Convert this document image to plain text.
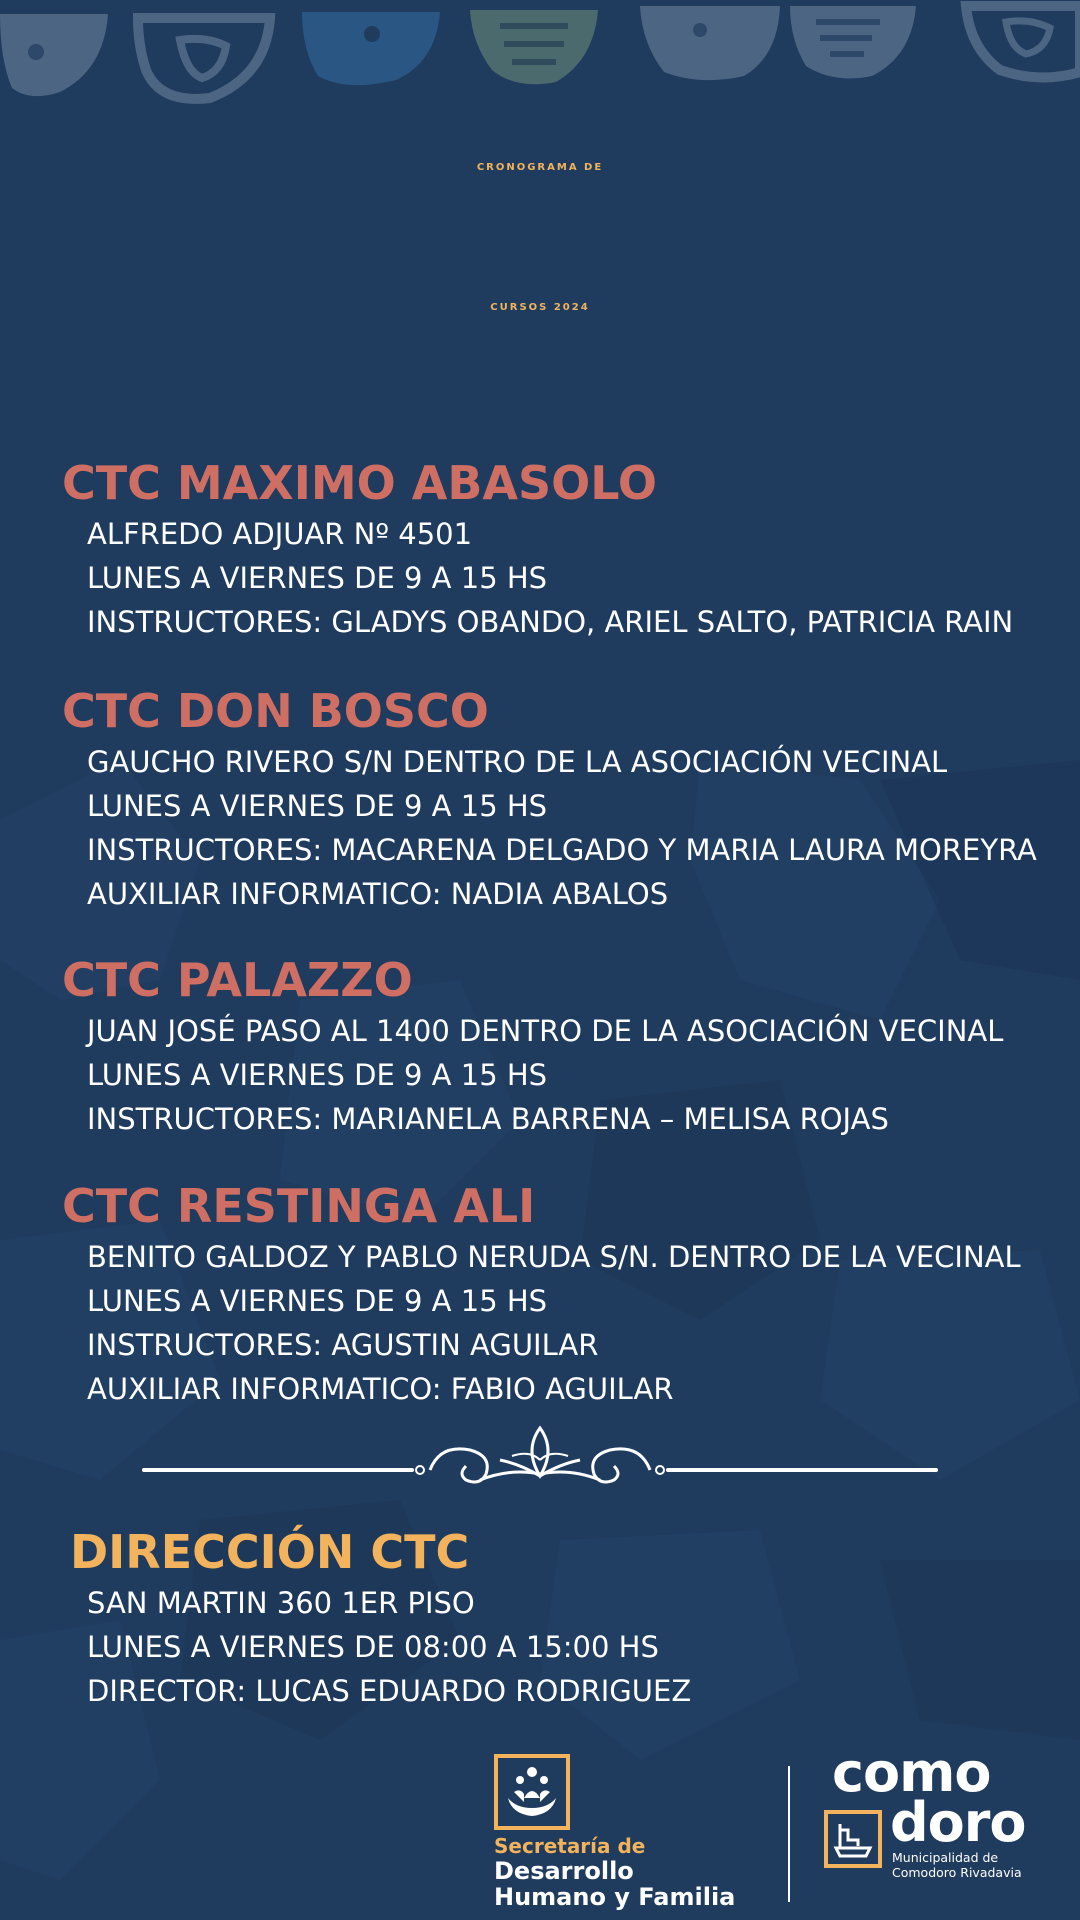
CRONOGRAMA DE
CURSOS 2024
CTC MAXIMO ABASOLO
ALFREDO ADJUAR Nº 4501
LUNES A VIERNES DE 9 A 15 HS
INSTRUCTORES: GLADYS OBANDO, ARIEL SALTO, PATRICIA RAIN
CTC DON BOSCO
GAUCHO RIVERO S/N DENTRO DE LA ASOCIACIÓN VECINAL
LUNES A VIERNES DE 9 A 15 HS
INSTRUCTORES: MACARENA DELGADO Y MARIA LAURA MOREYRA
AUXILIAR INFORMATICO: NADIA ABALOS
CTC PALAZZO
JUAN JOSÉ PASO AL 1400 DENTRO DE LA ASOCIACIÓN VECINAL
LUNES A VIERNES DE 9 A 15 HS
INSTRUCTORES: MARIANELA BARRENA – MELISA ROJAS
CTC RESTINGA ALI
BENITO GALDOZ Y PABLO NERUDA S/N. DENTRO DE LA VECINAL
LUNES A VIERNES DE 9 A 15 HS
INSTRUCTORES: AGUSTIN AGUILAR
AUXILIAR INFORMATICO: FABIO AGUILAR
DIRECCIÓN CTC
SAN MARTIN 360 1ER PISO
LUNES A VIERNES DE 08:00 A 15:00 HS
DIRECTOR: LUCAS EDUARDO RODRIGUEZ
Secretaría de
Desarrollo
Humano y Familia
como
doro
Municipalidad de
Comodoro Rivadavia
